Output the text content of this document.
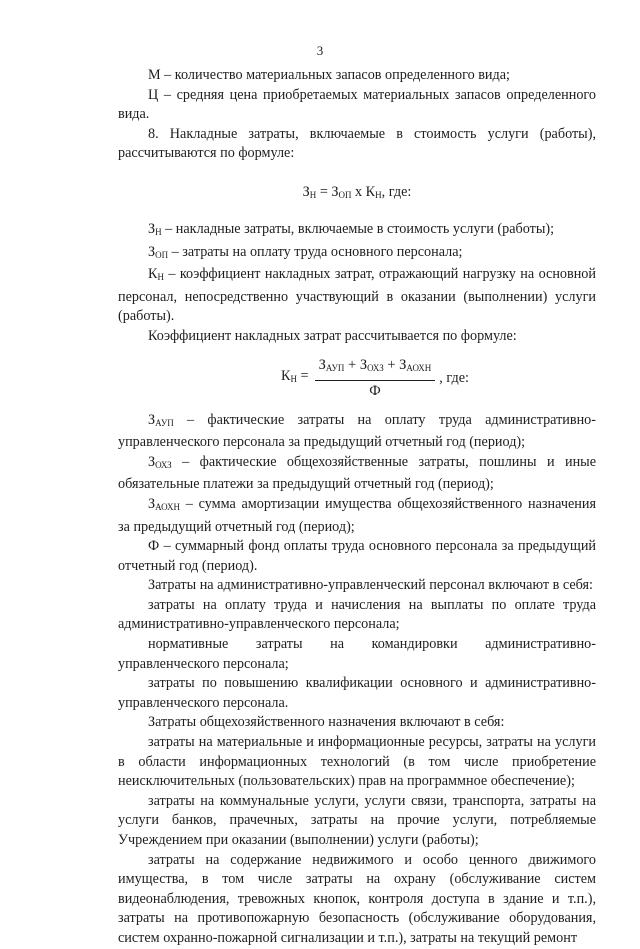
3

М – количество материальных запасов определенного вида;

Ц – средняя цена приобретаемых материальных запасов определенного вида.

8. Накладные затраты, включаемые в стоимость услуги (работы), рассчитываются по формуле:

$З_Н = З_{ОП}$ х $К_Н$, где:

$З_Н$ – накладные затраты, включаемые в стоимость услуги (работы);

$З_{ОП}$ – затраты на оплату труда основного персонала;

$К_Н$ – коэффициент накладных затрат, отражающий нагрузку на основной персонал, непосредственно участвующий в оказании (выполнении) услуги (работы).

Коэффициент накладных затрат рассчитывается по формуле:

$К_Н = \frac{З_{АУП} + З_{ОХЗ} + З_{АОХН}}{Ф}$ , где:

$З_{АУП}$ – фактические затраты на оплату труда административно-управленческого персонала за предыдущий отчетный год (период);

$З_{ОХЗ}$ – фактические общехозяйственные затраты, пошлины и иные обязательные платежи за предыдущий отчетный год (период);

$З_{АОХН}$ – сумма амортизации имущества общехозяйственного назначения за предыдущий отчетный год (период);

Ф – суммарный фонд оплаты труда основного персонала за предыдущий отчетный год (период).

Затраты на административно-управленческий персонал включают в себя:

затраты на оплату труда и начисления на выплаты по оплате труда административно-управленческого персонала;

нормативные затраты на командировки административно-управленческого персонала;

затраты по повышению квалификации основного и административно-управленческого персонала.

Затраты общехозяйственного назначения включают в себя:

затраты на материальные и информационные ресурсы, затраты на услуги в области информационных технологий (в том числе приобретение неисключительных (пользовательских) прав на программное обеспечение);

затраты на коммунальные услуги, услуги связи, транспорта, затраты на услуги банков, прачечных, затраты на прочие услуги, потребляемые Учреждением при оказании (выполнении) услуги (работы);

затраты на содержание недвижимого и особо ценного движимого имущества, в том числе затраты на охрану (обслуживание систем видеонаблюдения, тревожных кнопок, контроля доступа в здание и т.п.), затраты на противопожарную безопасность (обслуживание оборудования, систем охранно-пожарной сигнализации и т.п.), затраты на текущий ремонт
